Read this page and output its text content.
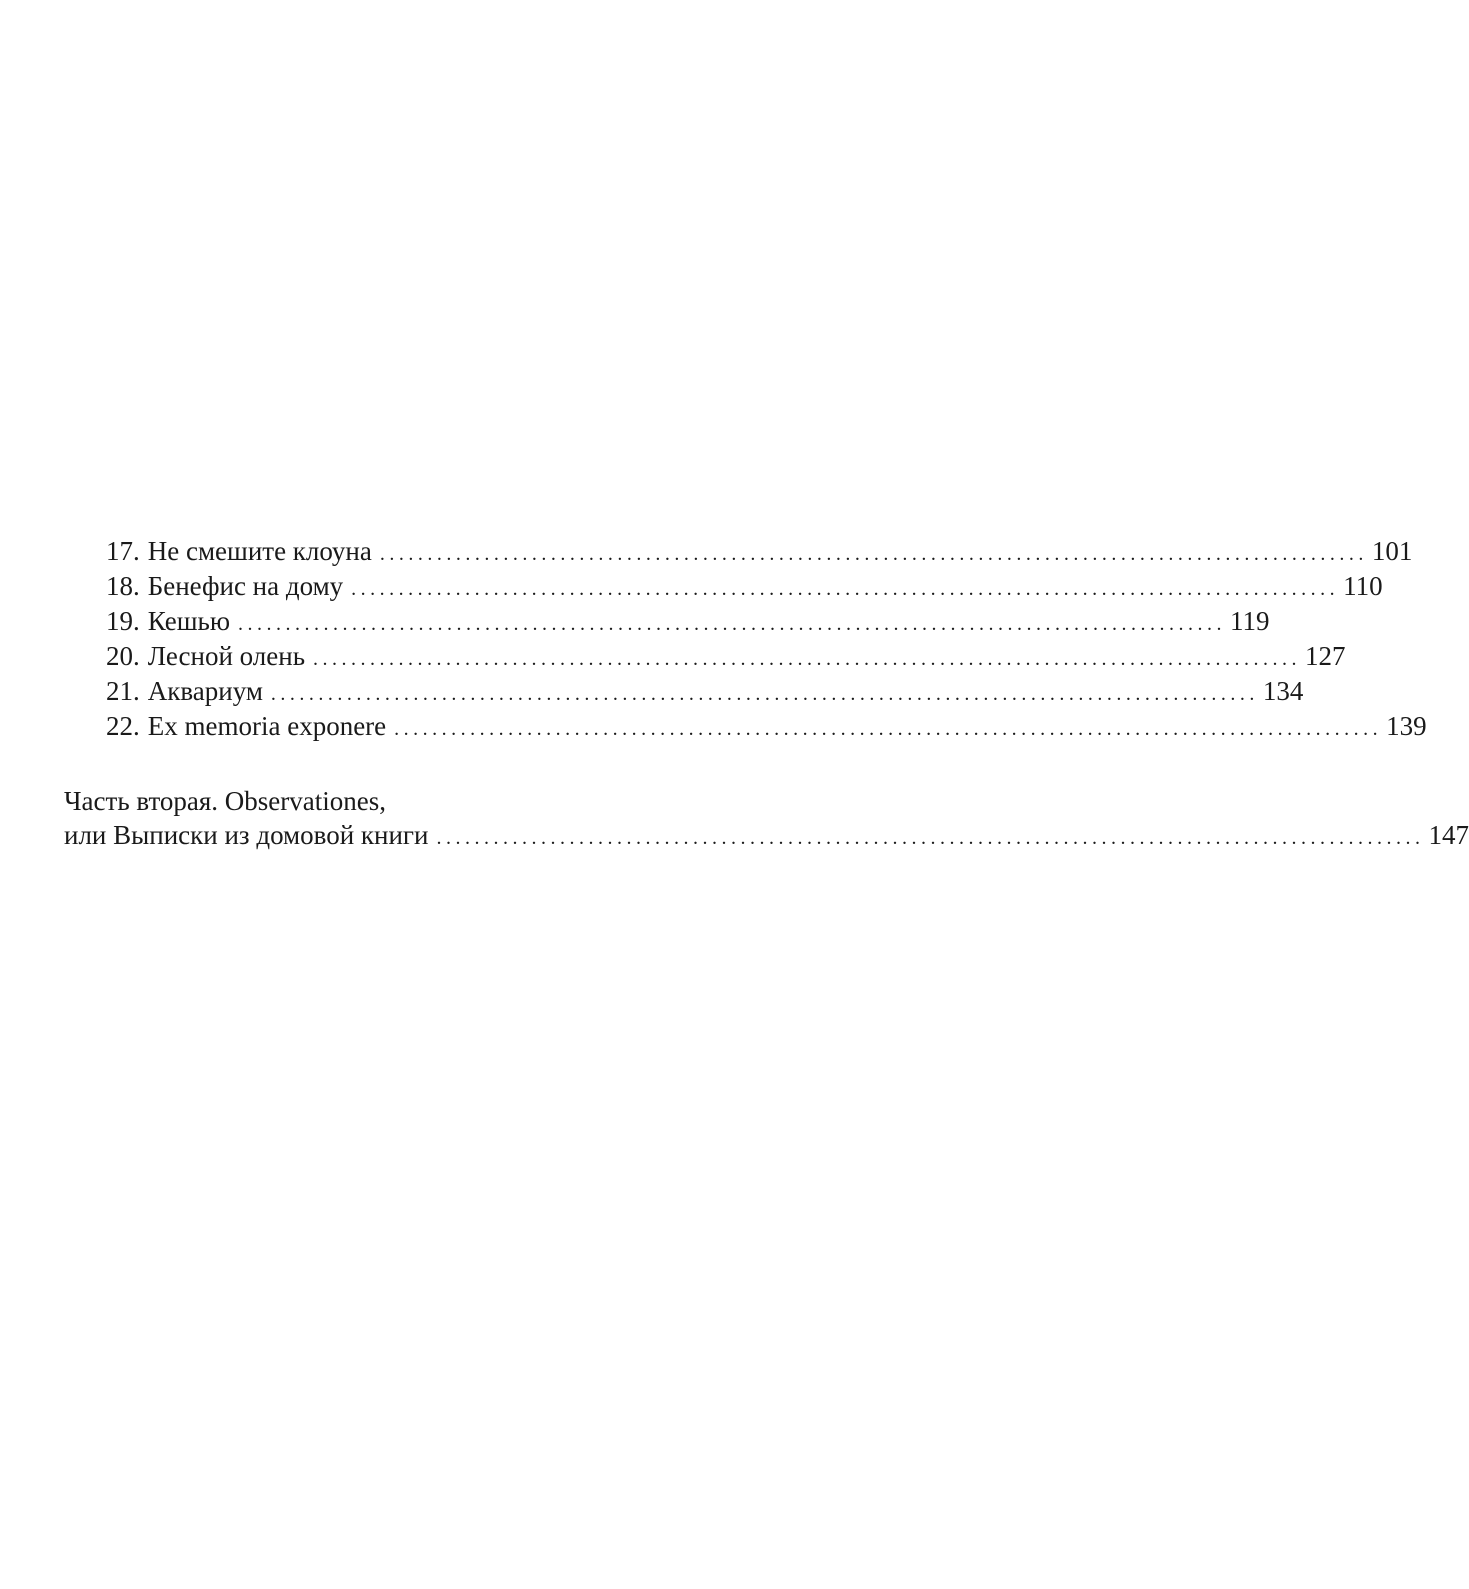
17. Не смешите клоуна ........................................................................................................ 101
18. Бенефис на дому ........................................................................................................ 110
19. Кешью ........................................................................................................ 119
20. Лесной олень ........................................................................................................ 127
21. Аквариум ........................................................................................................ 134
22. Ex memoria exponere ........................................................................................................ 139
Часть вторая. Observationes,
или Выписки из домовой книги ........................................................................................................ 147
